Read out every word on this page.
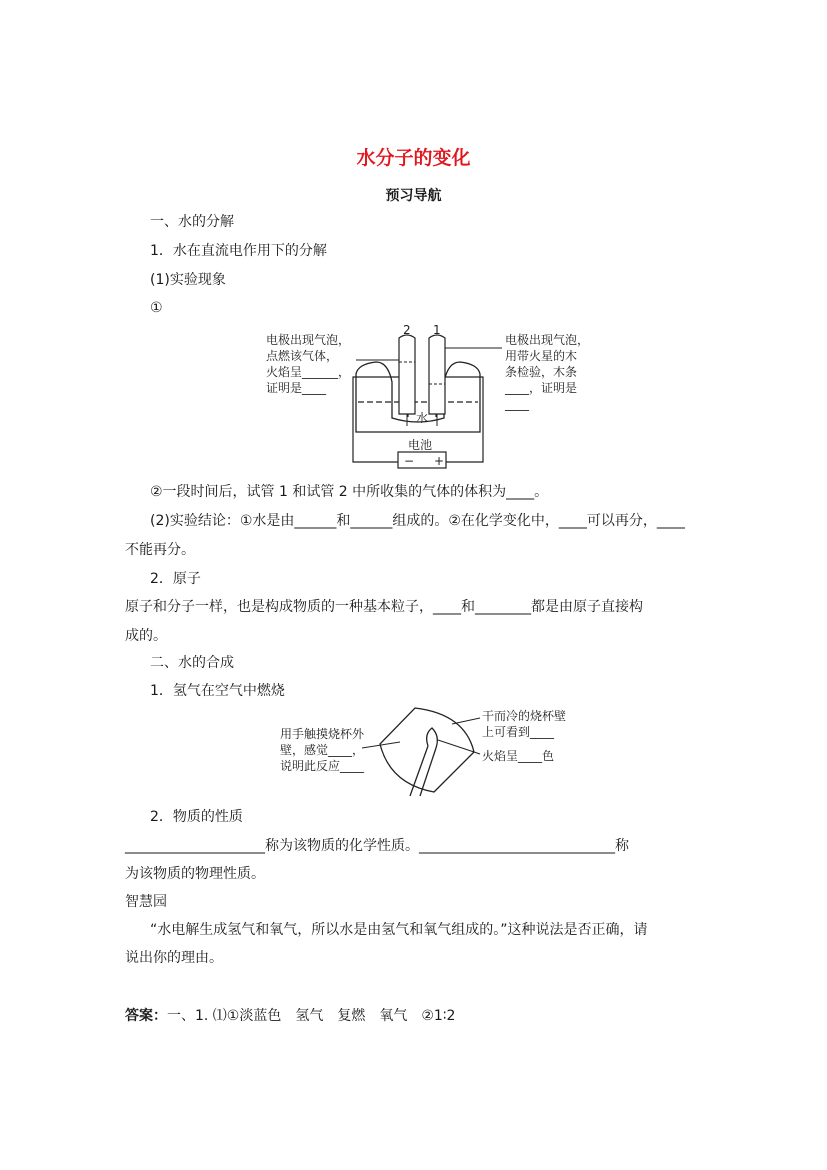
水分子的变化
预习导航
一、水的分解
1．水在直流电作用下的分解
(1)实验现象
①
电池
− +
2 1
水
电极出现气泡， 点燃该气体， 火焰呈______， 证明是____
电极出现气泡， 用带火星的木 条检验，木条 ____，证明是 ____
②一段时间后，试管 1 和试管 2 中所收集的气体的体积为____。
(2)实验结论：①水是由______和______组成的。②在化学变化中，____可以再分，____
不能再分。
2．原子
原子和分子一样，也是构成物质的一种基本粒子，____和________都是由原子直接构
成的。
二、水的合成
1．氢气在空气中燃烧
用手触摸烧杯外 壁，感觉____， 说明此反应____
干而冷的烧杯壁 上可看到____
火焰呈____色
2．物质的性质
____________________称为该物质的化学性质。____________________________称
为该物质的物理性质。
智慧园
“水电解生成氢气和氧气，所以水是由氢气和氧气组成的。”这种说法是否正确，请
说出你的理由。
答案：一、1. ⑴①淡蓝色　氢气　复燃　氧气　②1∶2
